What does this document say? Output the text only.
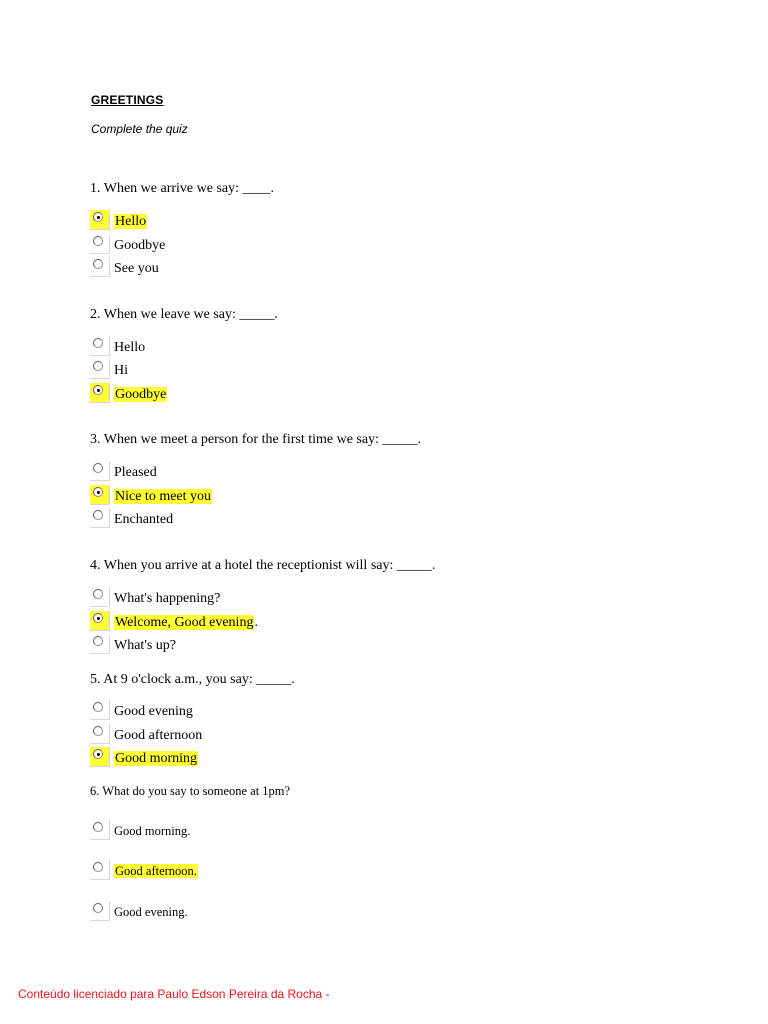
GREETINGS
Complete the quiz
1. When we arrive we say: ____.
Hello
Goodbye
See you
2. When we leave we say: _____.
Hello
Hi
Goodbye
3. When we meet a person for the first time we say: _____.
Pleased
Nice to meet you
Enchanted
4. When you arrive at a hotel the receptionist will say: _____.
What's happening?
Welcome, Good evening.
What's up?
5. At 9 o'clock a.m., you say: _____.
Good evening
Good afternoon
Good morning
6. What do you say to someone at 1pm?
Good morning.
Good afternoon.
Good evening.
Conteúdo licenciado para Paulo Edson Pereira da Rocha -
